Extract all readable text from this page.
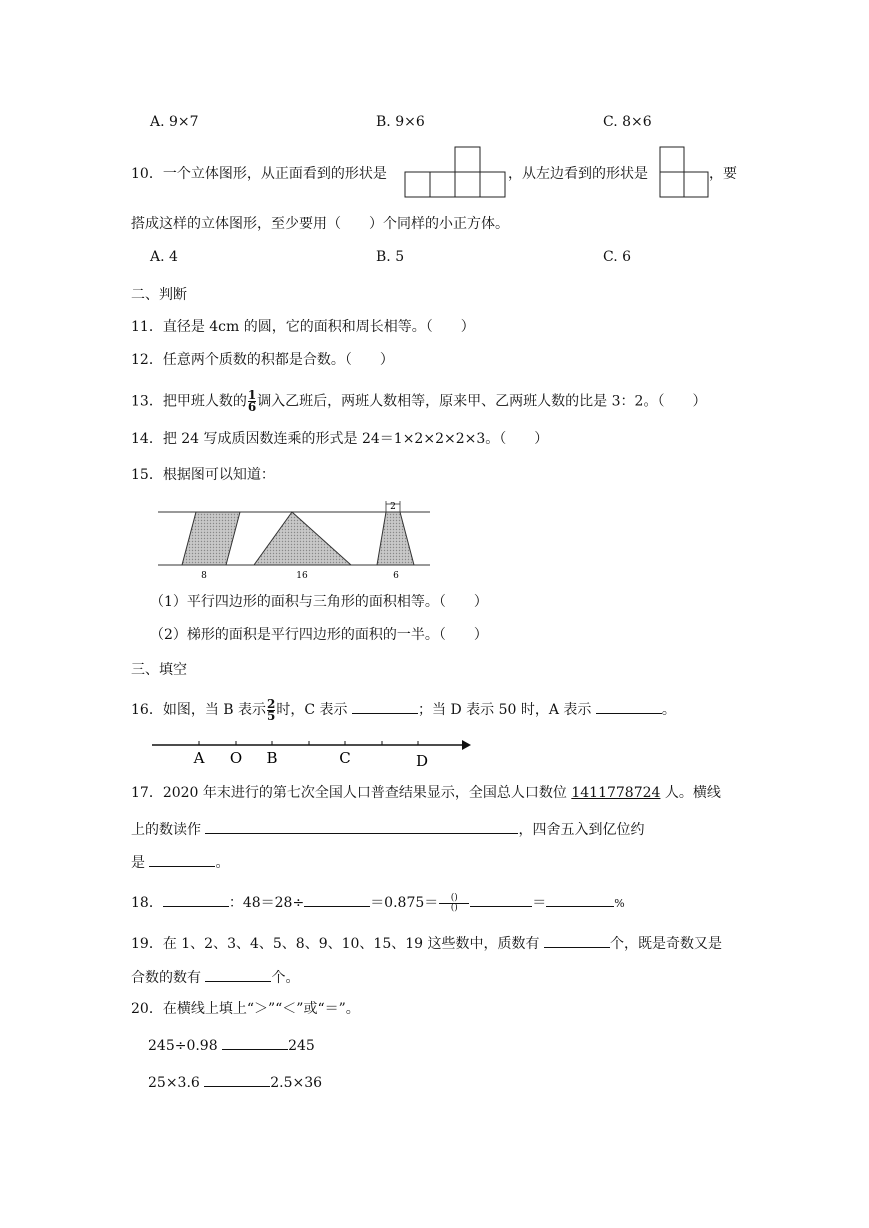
A. 9×7	B. 9×6	C. 8×6
10．一个立体图形，从正面看到的形状是	，从左边看到的形状是	，要
搭成这样的立体图形，至少要用（　　）个同样的小正方体。
A. 4	B. 5	C. 6
二、判断
11．直径是 4cm 的圆，它的面积和周长相等。（　　）
12．任意两个质数的积都是合数。（　　）
13．把甲班人数的 $\frac{1}{6}$ 调入乙班后，两班人数相等，原来甲、乙两班人数的比是 3：2。（　　）
14．把 24 写成质因数连乘的形式是 24＝1×2×2×2×3。（　　）
15．根据图可以知道：
2
8	16	6
（1）平行四边形的面积与三角形的面积相等。（　　）
（2）梯形的面积是平行四边形的面积的一半。（　　）
三、填空
16．如图，当 B 表示 $\frac{2}{5}$ 时，C 表示	；当 D 表示 50 时，A 表示	。
A O B	C	D
17．2020 年末进行的第七次全国人口普查结果显示，全国总人口数位 1411778724 人。横线
上的数读作	，四舍五入到亿位约
是	。
18．	：48＝28÷	$=0.875= \frac{()}{()}$	＝	%
19．在 1、2、3、4、5、8、9、10、15、19 这些数中，质数有	个，既是奇数又是
合数的数有	个。
20．在横线上填上“＞”“＜”或“＝”。
245÷0.98	245
25×3.6	2.5×36
